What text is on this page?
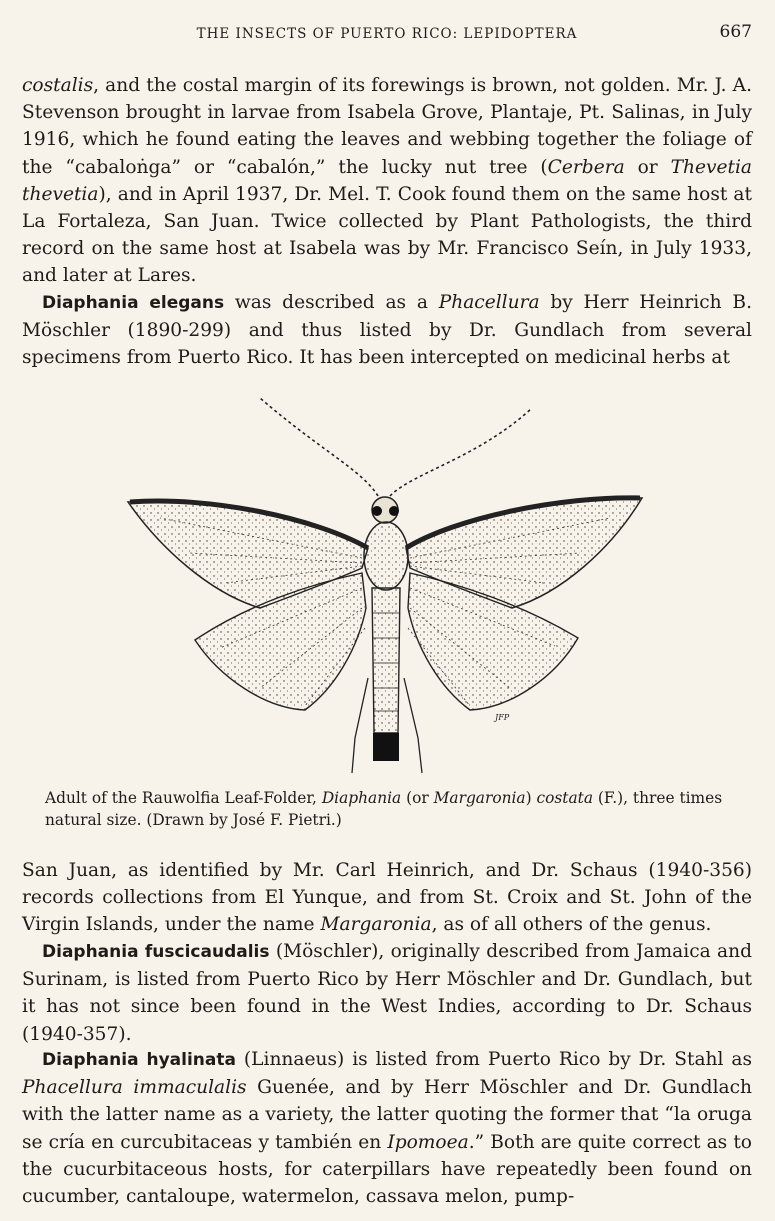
THE INSECTS OF PUERTO RICO: LEPIDOPTERA	667

costalis, and the costal margin of its forewings is brown, not golden. Mr. J. A. Stevenson brought in larvae from Isabela Grove, Plantaje, Pt. Salinas, in July 1916, which he found eating the leaves and webbing together the foliage of the “cabaloṅga” or “cabalón,” the lucky nut tree (Cerbera or Thevetia thevetia), and in April 1937, Dr. Mel. T. Cook found them on the same host at La Fortaleza, San Juan. Twice collected by Plant Pathologists, the third record on the same host at Isabela was by Mr. Francisco Seín, in July 1933, and later at Lares.

Diaphania elegans was described as a Phacellura by Herr Heinrich B. Möschler (1890-299) and thus listed by Dr. Gundlach from several specimens from Puerto Rico. It has been intercepted on medicinal herbs at

JFP

Adult of the Rauwolfia Leaf-Folder, Diaphania (or Margaronia) costata (F.), three times natural size. (Drawn by José F. Pietri.)

San Juan, as identified by Mr. Carl Heinrich, and Dr. Schaus (1940-356) records collections from El Yunque, and from St. Croix and St. John of the Virgin Islands, under the name Margaronia, as of all others of the genus.

Diaphania fuscicaudalis (Möschler), originally described from Jamaica and Surinam, is listed from Puerto Rico by Herr Möschler and Dr. Gundlach, but it has not since been found in the West Indies, according to Dr. Schaus (1940-357).

Diaphania hyalinata (Linnaeus) is listed from Puerto Rico by Dr. Stahl as Phacellura immaculalis Guenée, and by Herr Möschler and Dr. Gundlach with the latter name as a variety, the latter quoting the former that “la oruga se cría en curcubitaceas y también en Ipomoea.” Both are quite correct as to the cucurbitaceous hosts, for caterpillars have repeatedly been found on cucumber, cantaloupe, watermelon, cassava melon, pump-
